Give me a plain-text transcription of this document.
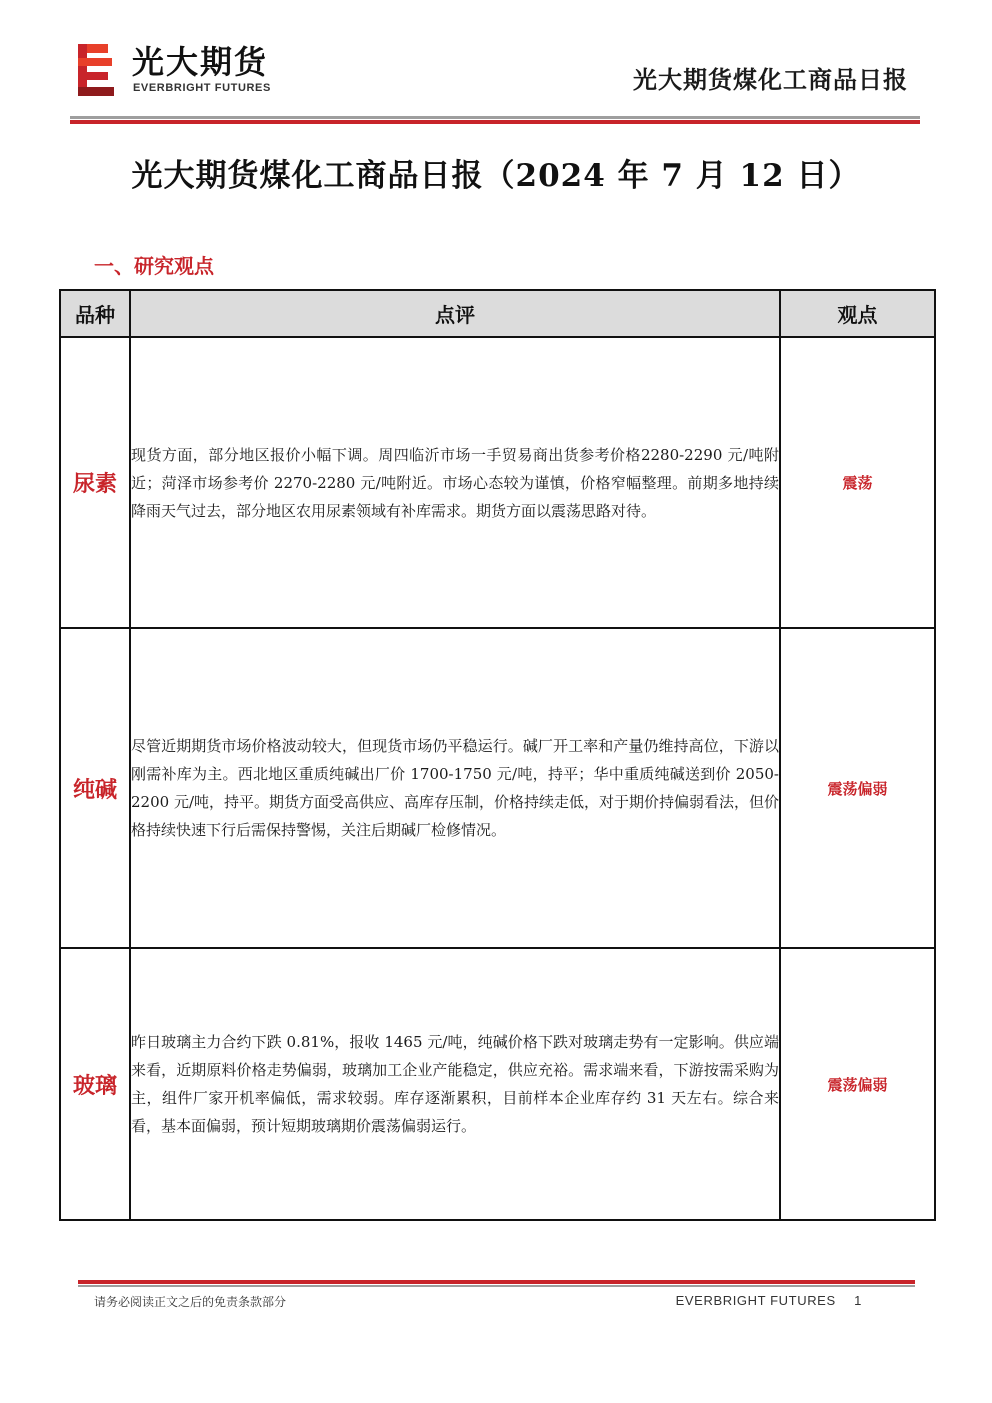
光大期货
EVERBRIGHT FUTURES	光大期货煤化工商品日报
光大期货煤化工商品日报（2024 年 7 月 12 日）
一、研究观点
品种	点评	观点
尿素	现货方面，部分地区报价小幅下调。周四临沂市场一手贸易商出货参考价格2280-2290 元/吨附近；菏泽市场参考价 2270-2280 元/吨附近。市场心态较为谨慎，价格窄幅整理。前期多地持续降雨天气过去，部分地区农用尿素领域有补库需求。期货方面以震荡思路对待。	震荡
纯碱	尽管近期期货市场价格波动较大，但现货市场仍平稳运行。碱厂开工率和产量仍维持高位，下游以刚需补库为主。西北地区重质纯碱出厂价 1700-1750 元/吨，持平；华中重质纯碱送到价 2050-2200 元/吨，持平。期货方面受高供应、高库存压制，价格持续走低，对于期价持偏弱看法，但价格持续快速下行后需保持警惕，关注后期碱厂检修情况。	震荡偏弱
玻璃	昨日玻璃主力合约下跌 0.81%，报收 1465 元/吨，纯碱价格下跌对玻璃走势有一定影响。供应端来看，近期原料价格走势偏弱，玻璃加工企业产能稳定，供应充裕。需求端来看，下游按需采购为主，组件厂家开机率偏低，需求较弱。库存逐渐累积，目前样本企业库存约 31 天左右。综合来看，基本面偏弱，预计短期玻璃期价震荡偏弱运行。	震荡偏弱
请务必阅读正文之后的免责条款部分	EVERBRIGHT FUTURES 1
